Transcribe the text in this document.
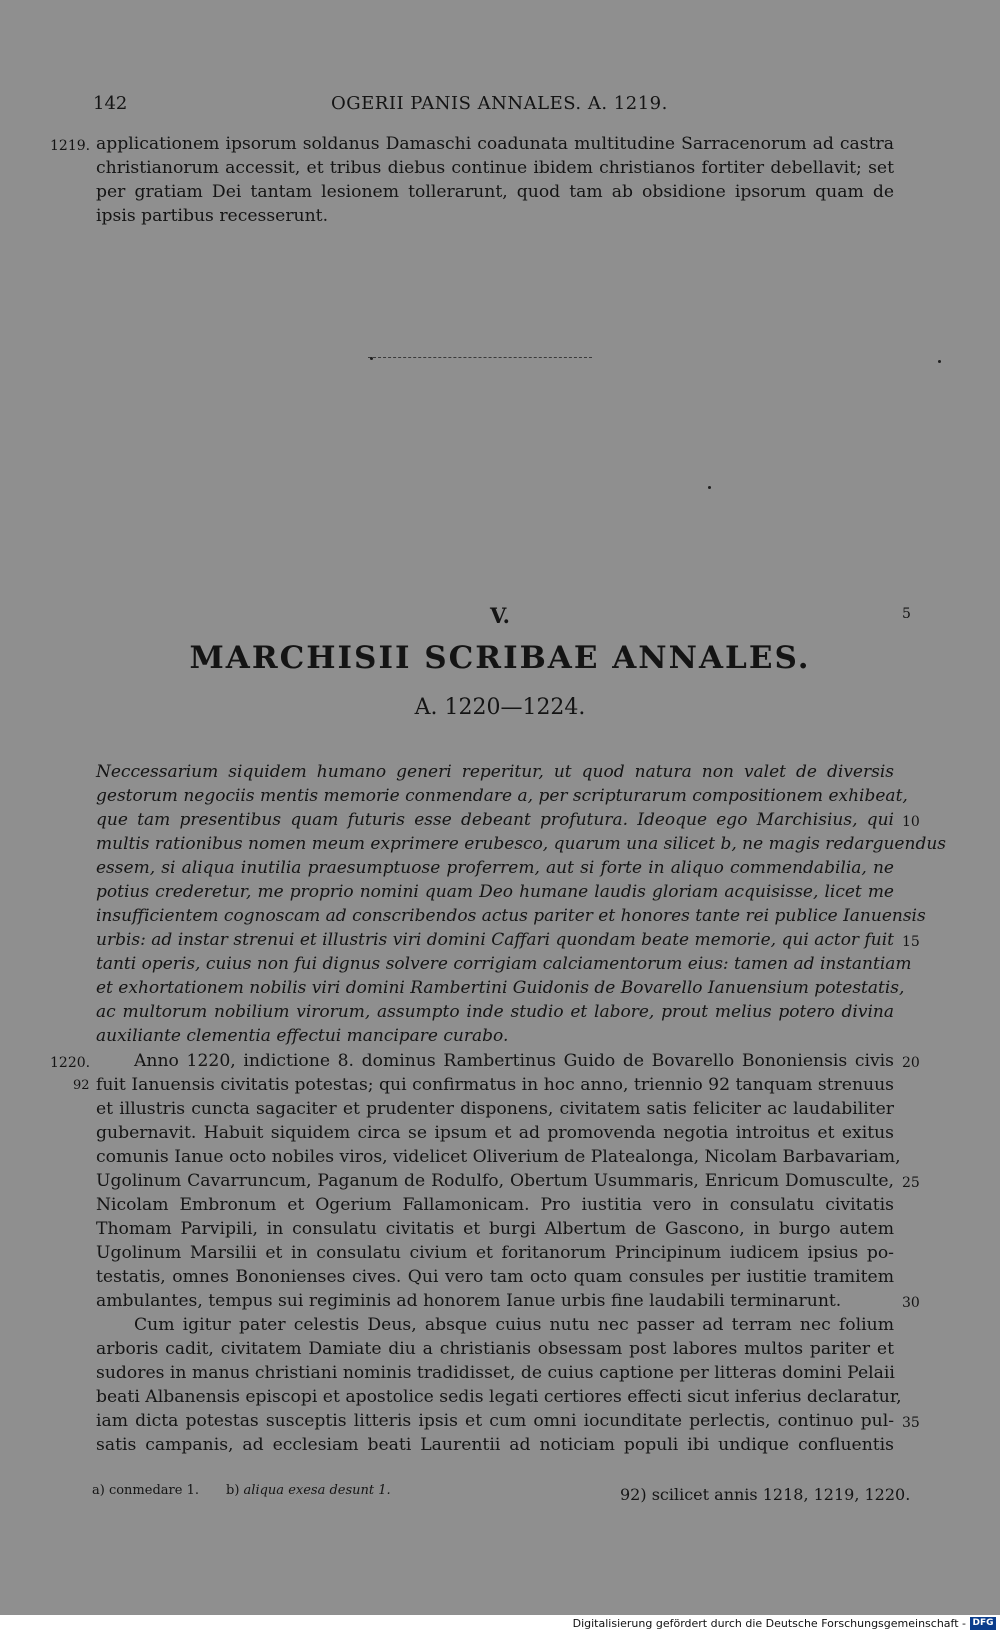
142	OGERII PANIS ANNALES. A. 1219.
1219. applicationem ipsorum soldanus Damaschi coadunata multitudine Sarracenorum ad castra
christianorum accessit, et tribus diebus continue ibidem christianos fortiter debellavit; set
per gratiam Dei tantam lesionem tollerarunt, quod tam ab obsidione ipsorum quam de
ipsis partibus recesserunt.
V.	5
MARCHISII SCRIBAE ANNALES.
A. 1220—1224.
Neccessarium siquidem humano generi reperitur, ut quod natura non valet de diversis
gestorum negociis mentis memorie conmendare a, per scripturarum compositionem exhibeat,
que tam presentibus quam futuris esse debeant profutura. Ideoque ego Marchisius, qui
multis rationibus nomen meum exprimere erubesco, quarum una silicet b, ne magis redarguendus
essem, si aliqua inutilia praesumptuose proferrem, aut si forte in aliquo commendabilia, ne
potius crederetur, me proprio nomini quam Deo humane laudis gloriam acquisisse, licet me
insufficientem cognoscam ad conscribendos actus pariter et honores tante rei publice Ianuensis
urbis: ad instar strenui et illustris viri domini Caffari quondam beate memorie, qui actor fuit
tanti operis, cuius non fui dignus solvere corrigiam calciamentorum eius: tamen ad instantiam
et exhortationem nobilis viri domini Rambertini Guidonis de Bovarello Ianuensium potestatis,
ac multorum nobilium virorum, assumpto inde studio et labore, prout melius potero divina
auxiliante clementia effectui mancipare curabo.
10
15
1220.
92
Anno 1220, indictione 8. dominus Rambertinus Guido de Bovarello Bononiensis civis
fuit Ianuensis civitatis potestas; qui confirmatus in hoc anno, triennio 92 tanquam strenuus
et illustris cuncta sagaciter et prudenter disponens, civitatem satis feliciter ac laudabiliter
gubernavit. Habuit siquidem circa se ipsum et ad promovenda negotia introitus et exitus
comunis Ianue octo nobiles viros, videlicet Oliverium de Platealonga, Nicolam Barbavariam,
Ugolinum Cavarruncum, Paganum de Rodulfo, Obertum Usummaris, Enricum Domusculte,
Nicolam Embronum et Ogerium Fallamonicam. Pro iustitia vero in consulatu civitatis
Thomam Parvipili, in consulatu civitatis et burgi Albertum de Gascono, in burgo autem
Ugolinum Marsilii et in consulatu civium et foritanorum Principinum iudicem ipsius po-
testatis, omnes Bononienses cives. Qui vero tam octo quam consules per iustitie tramitem
ambulantes, tempus sui regiminis ad honorem Ianue urbis fine laudabili terminarunt.
Cum igitur pater celestis Deus, absque cuius nutu nec passer ad terram nec folium
arboris cadit, civitatem Damiate diu a christianis obsessam post labores multos pariter et
sudores in manus christiani nominis tradidisset, de cuius captione per litteras domini Pelaii
beati Albanensis episcopi et apostolice sedis legati certiores effecti sicut inferius declaratur,
iam dicta potestas susceptis litteris ipsis et cum omni iocunditate perlectis, continuo pul-
satis campanis, ad ecclesiam beati Laurentii ad noticiam populi ibi undique confluentis
20
25
30
35
a) conmedare 1. b) aliqua exesa desunt 1.	92) scilicet annis 1218, 1219, 1220.
Digitalisierung gefördert durch die Deutsche Forschungsgemeinschaft - DFG
